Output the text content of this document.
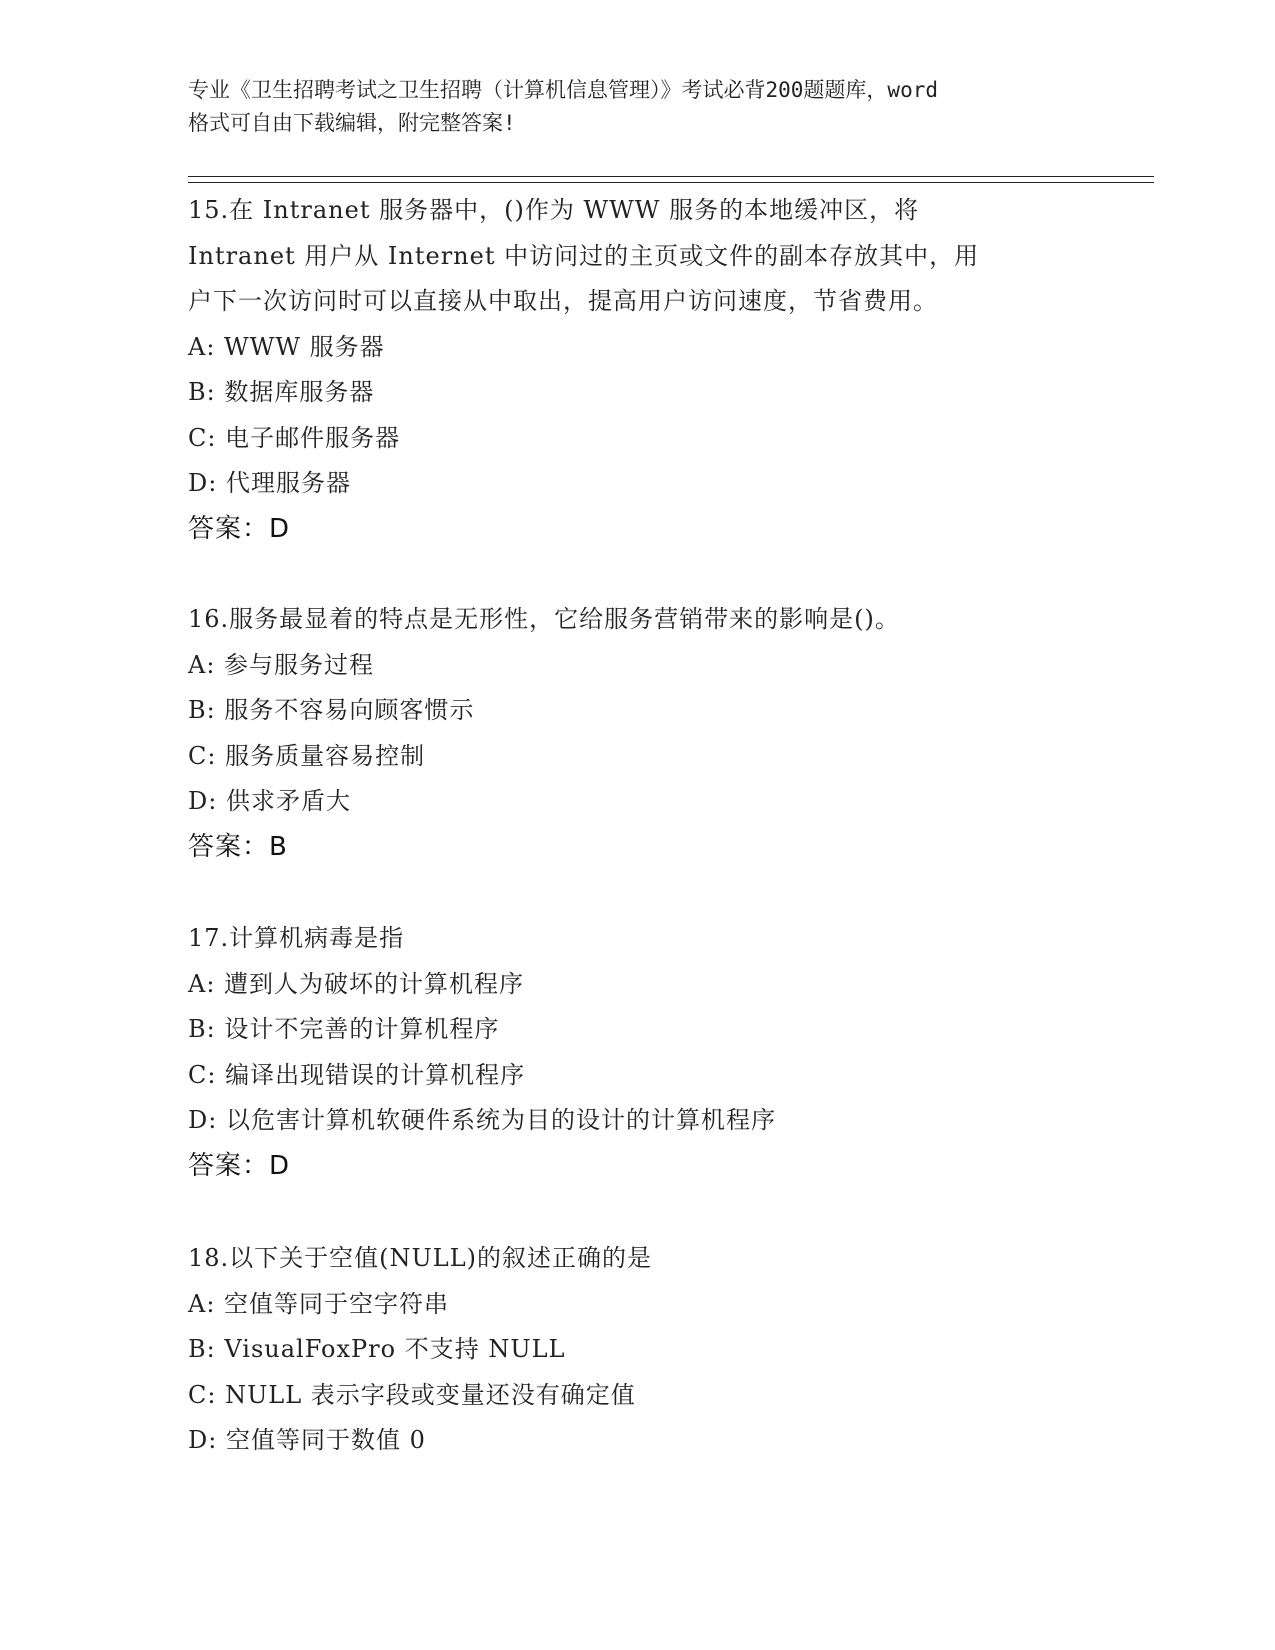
专业《卫生招聘考试之卫生招聘（计算机信息管理）》考试必背200题题库，word
格式可自由下载编辑，附完整答案!
15.在 Intranet 服务器中，()作为 WWW 服务的本地缓冲区，将
Intranet 用户从 Internet 中访问过的主页或文件的副本存放其中，用
户下一次访问时可以直接从中取出，提高用户访问速度，节省费用。
A: WWW 服务器
B: 数据库服务器
C: 电子邮件服务器
D: 代理服务器
答案：D
16.服务最显着的特点是无形性，它给服务营销带来的影响是()。
A: 参与服务过程
B: 服务不容易向顾客惯示
C: 服务质量容易控制
D: 供求矛盾大
答案：B
17.计算机病毒是指
A: 遭到人为破坏的计算机程序
B: 设计不完善的计算机程序
C: 编译出现错误的计算机程序
D: 以危害计算机软硬件系统为目的设计的计算机程序
答案：D
18.以下关于空值(NULL)的叙述正确的是
A: 空值等同于空字符串
B: VisualFoxPro 不支持 NULL
C: NULL 表示字段或变量还没有确定值
D: 空值等同于数值 0
